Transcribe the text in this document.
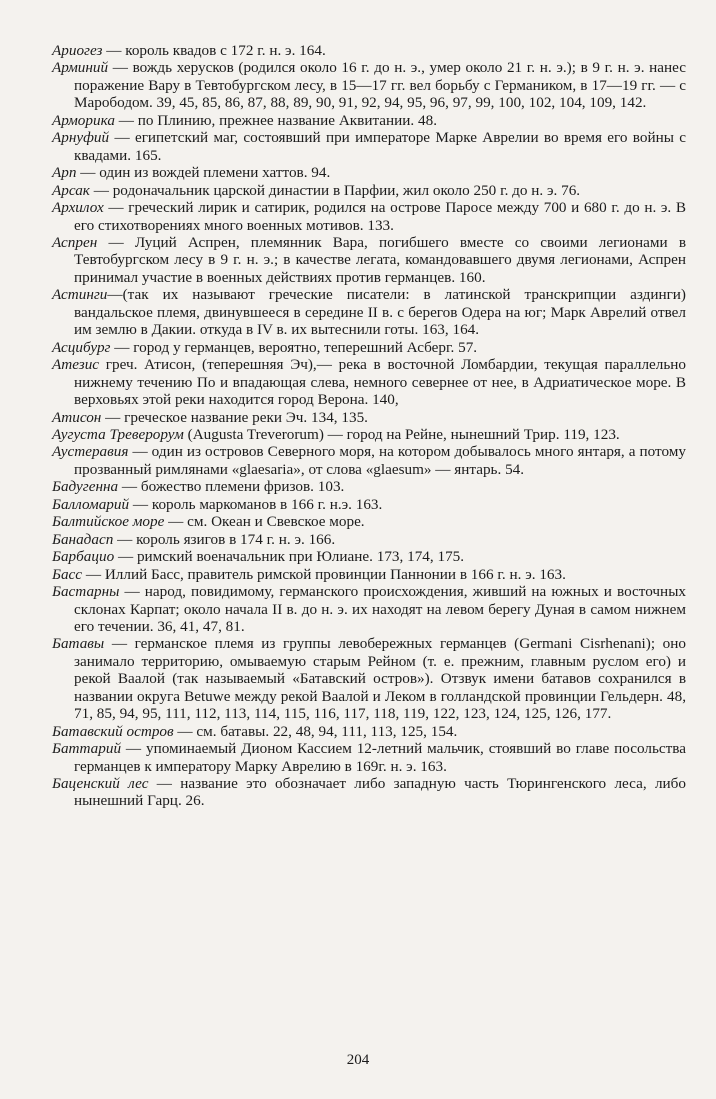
Ариогез — король квадов с 172 г. н. э. 164.

Арминий — вождь херусков (родился около 16 г. до н. э., умер около 21 г. н. э.); в 9 г. н. э. нанес поражение Вару в Тевтобургском лесу, в 15—17 гг. вел борьбу с Германиком, в 17—19 гг. — с Марободом. 39, 45, 85, 86, 87, 88, 89, 90, 91, 92, 94, 95, 96, 97, 99, 100, 102, 104, 109, 142.

Арморика — по Плинию, прежнее название Аквитании. 48.

Арнуфий — египетский маг, состоявший при императоре Марке Аврелии во время его войны с квадами. 165.

Арп — один из вождей племени хаттов. 94.

Арсак — родоначальник царской династии в Парфии, жил около 250 г. до н. э. 76.

Архилох — греческий лирик и сатирик, родился на острове Паросе между 700 и 680 г. до н. э. В его стихотворениях много военных мотивов. 133.

Аспрен — Луций Аспрен, племянник Вара, погибшего вместе со своими легионами в Тевтобургском лесу в 9 г. н. э.; в качестве легата, командовавшего двумя легионами, Аспрен принимал участие в военных действиях против германцев. 160.

Астинги—(так их называют греческие писатели: в латинской транскрипции аздинги) вандальское племя, двинувшееся в середине II в. с берегов Одера на юг; Марк Аврелий отвел им землю в Дакии. откуда в IV в. их вытеснили готы. 163, 164.

Асцибург — город у германцев, вероятно, теперешний Асберг. 57.

Атезис греч. Атисон, (теперешняя Эч),— река в восточной Ломбардии, текущая параллельно нижнему течению По и впадающая слева, немного севернее от нее, в Адриатическое море. В верховьях этой реки находится город Верона. 140,

Атисон — греческое название реки Эч. 134, 135.

Аугуста Треверорум (Augusta Treverorum) — город на Рейне, нынешний Трир. 119, 123.

Аустеравия — один из островов Северного моря, на котором добывалось много янтаря, а потому прозванный римлянами «glaesaria», от слова «glaesum» — янтарь. 54.

Бадугенна — божество племени фризов. 103.

Балломарий — король маркоманов в 166 г. н.э. 163.

Балтийское море — см. Океан и Свевское море.

Банадасп — король язигов в 174 г. н. э. 166.

Барбацио — римский военачальник при Юлиане. 173, 174, 175.

Басс — Иллий Басс, правитель римской провинции Паннонии в 166 г. н. э. 163.

Бастарны — народ, повидимому, германского происхождения, живший на южных и восточных склонах Карпат; около начала II в. до н. э. их находят на левом берегу Дуная в самом нижнем его течении. 36, 41, 47, 81.

Батавы — германское племя из группы левобережных германцев (Germani Cisrhenani); оно занимало территорию, омываемую старым Рейном (т. е. прежним, главным руслом его) и рекой Ваалой (так называемый «Батавский остров»). Отзвук имени батавов сохранился в названии округа Betuwe между рекой Ваалой и Леком в голландской провинции Гельдерн. 48, 71, 85, 94, 95, 111, 112, 113, 114, 115, 116, 117, 118, 119, 122, 123, 124, 125, 126, 177.

Батавский остров — см. батавы. 22, 48, 94, 111, 113, 125, 154.

Баттарий — упоминаемый Дионом Кассием 12-летний мальчик, стоявший во главе посольства германцев к императору Марку Аврелию в 169г. н. э. 163.

Баценский лес — название это обозначает либо западную часть Тюрингенского леса, либо нынешний Гарц. 26.

204
